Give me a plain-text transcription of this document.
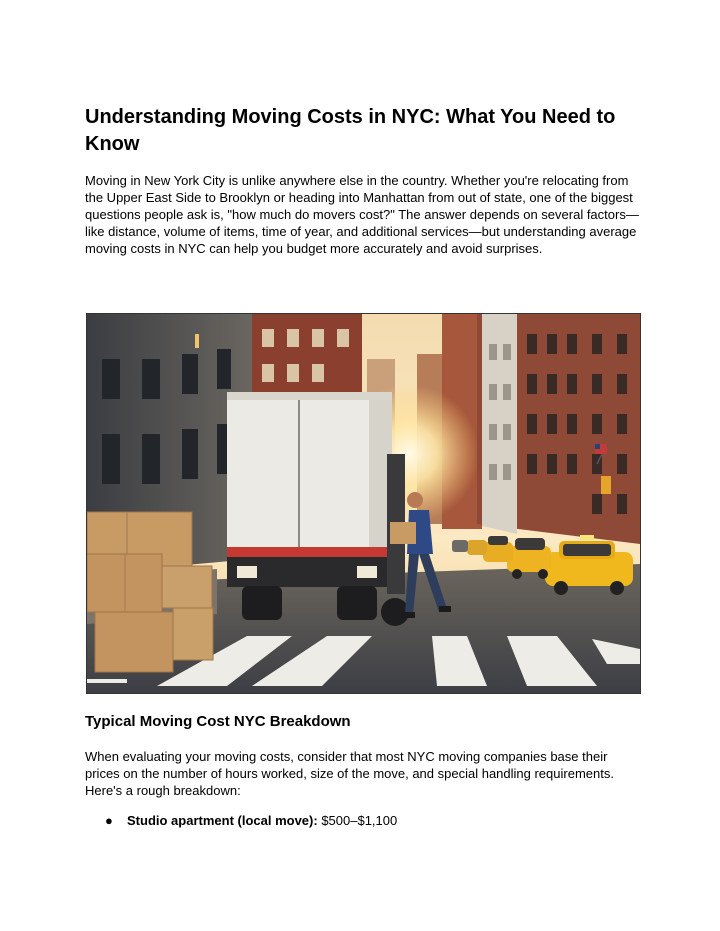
Understanding Moving Costs in NYC: What You Need to Know

Moving in New York City is unlike anywhere else in the country. Whether you're relocating from the Upper East Side to Brooklyn or heading into Manhattan from out of state, one of the biggest questions people ask is, "how much do movers cost?" The answer depends on several factors—like distance, volume of items, time of year, and additional services—but understanding average moving costs in NYC can help you budget more accurately and avoid surprises.

Typical Moving Cost NYC Breakdown

When evaluating your moving costs, consider that most NYC moving companies base their prices on the number of hours worked, size of the move, and special handling requirements. Here's a rough breakdown:

● Studio apartment (local move): $500–$1,100
